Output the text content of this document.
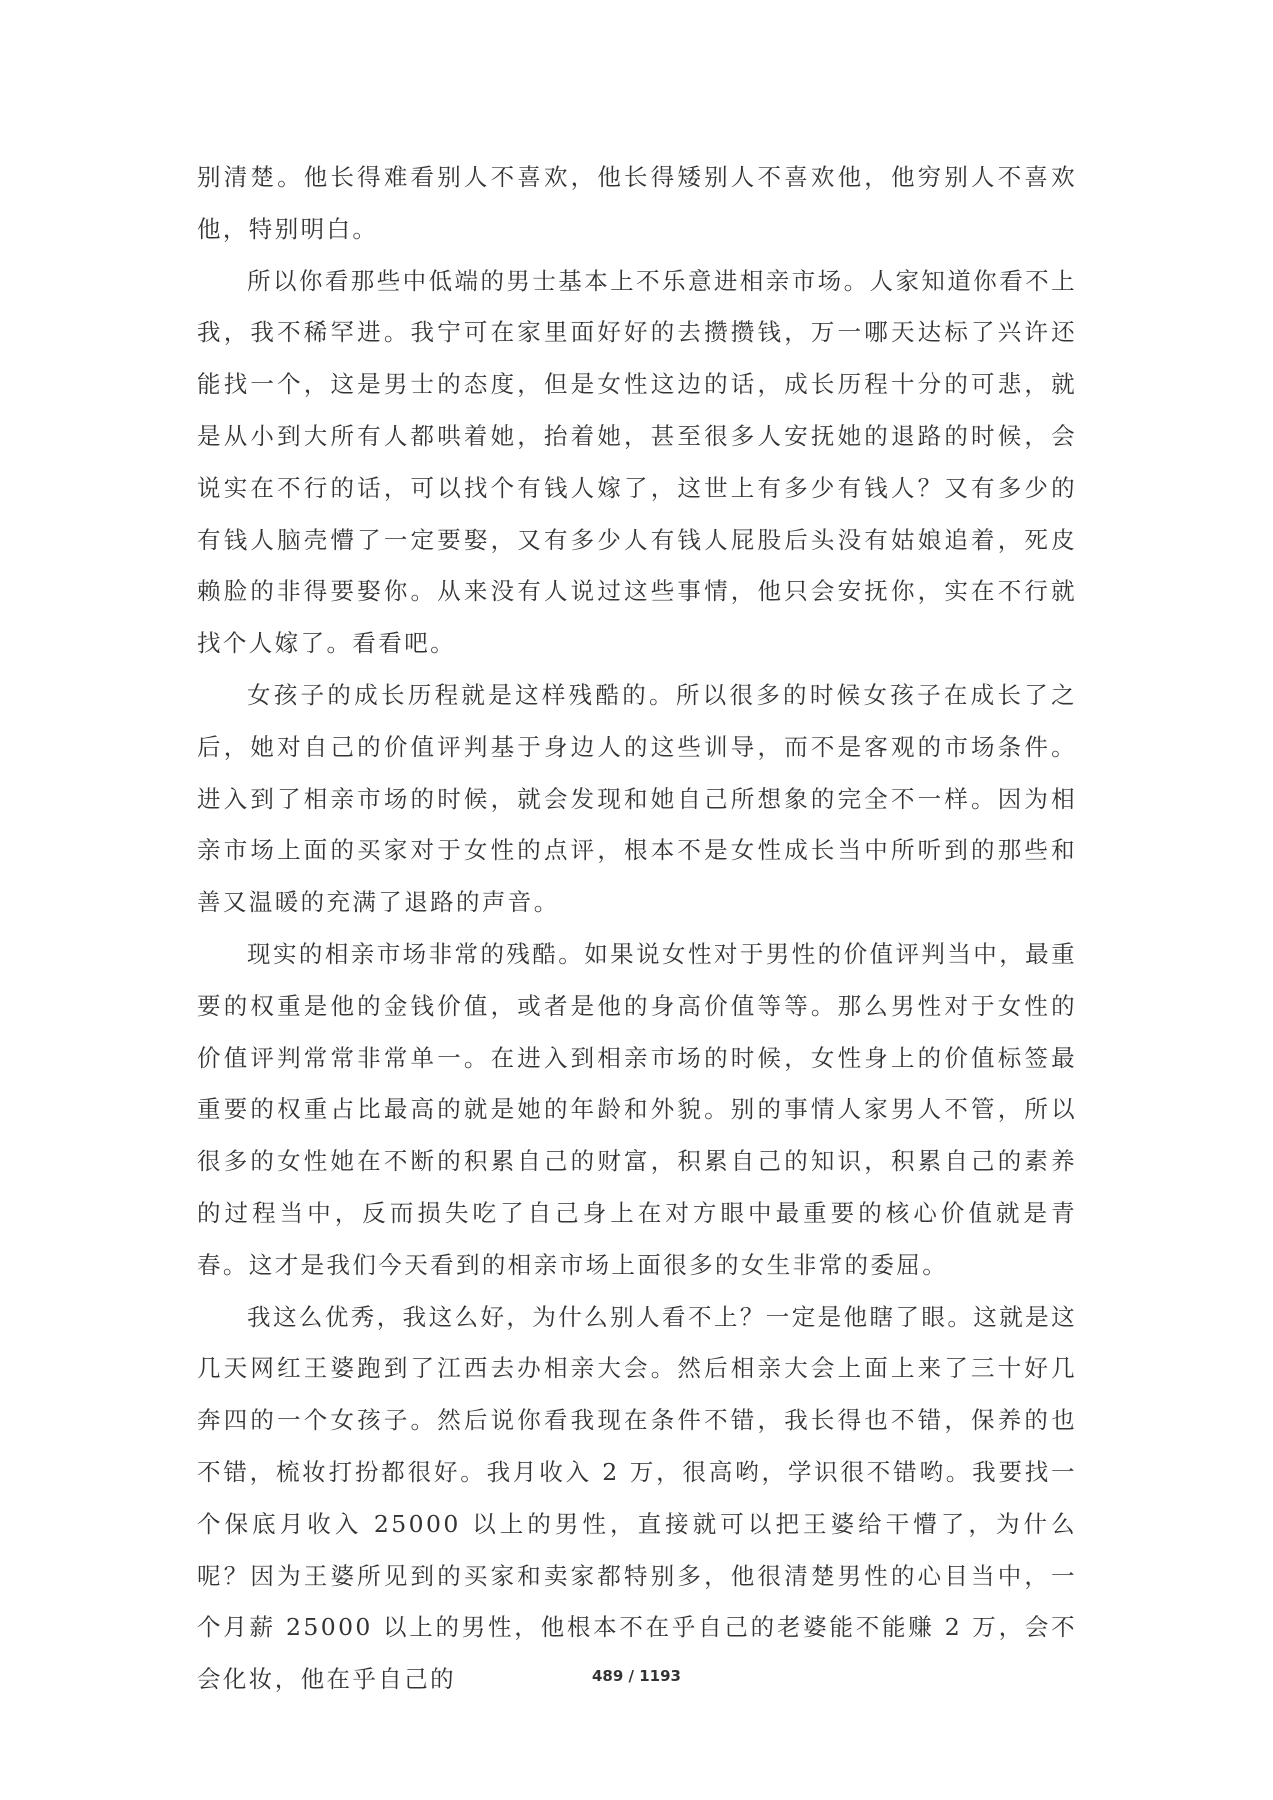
别清楚。他长得难看别人不喜欢，他长得矮别人不喜欢他，他穷别人不喜欢他，特别明白。

所以你看那些中低端的男士基本上不乐意进相亲市场。人家知道你看不上我，我不稀罕进。我宁可在家里面好好的去攒攒钱，万一哪天达标了兴许还能找一个，这是男士的态度，但是女性这边的话，成长历程十分的可悲，就是从小到大所有人都哄着她，抬着她，甚至很多人安抚她的退路的时候，会说实在不行的话，可以找个有钱人嫁了，这世上有多少有钱人？又有多少的有钱人脑壳懵了一定要娶，又有多少人有钱人屁股后头没有姑娘追着，死皮赖脸的非得要娶你。从来没有人说过这些事情，他只会安抚你，实在不行就找个人嫁了。看看吧。

女孩子的成长历程就是这样残酷的。所以很多的时候女孩子在成长了之后，她对自己的价值评判基于身边人的这些训导，而不是客观的市场条件。进入到了相亲市场的时候，就会发现和她自己所想象的完全不一样。因为相亲市场上面的买家对于女性的点评，根本不是女性成长当中所听到的那些和善又温暖的充满了退路的声音。

现实的相亲市场非常的残酷。如果说女性对于男性的价值评判当中，最重要的权重是他的金钱价值，或者是他的身高价值等等。那么男性对于女性的价值评判常常非常单一。在进入到相亲市场的时候，女性身上的价值标签最重要的权重占比最高的就是她的年龄和外貌。别的事情人家男人不管，所以很多的女性她在不断的积累自己的财富，积累自己的知识，积累自己的素养的过程当中，反而损失吃了自己身上在对方眼中最重要的核心价值就是青春。这才是我们今天看到的相亲市场上面很多的女生非常的委屈。

我这么优秀，我这么好，为什么别人看不上？一定是他瞎了眼。这就是这几天网红王婆跑到了江西去办相亲大会。然后相亲大会上面上来了三十好几奔四的一个女孩子。然后说你看我现在条件不错，我长得也不错，保养的也不错，梳妆打扮都很好。我月收入 2 万，很高哟，学识很不错哟。我要找一个保底月收入 25000 以上的男性，直接就可以把王婆给干懵了，为什么呢？因为王婆所见到的买家和卖家都特别多，他很清楚男性的心目当中，一个月薪 25000 以上的男性，他根本不在乎自己的老婆能不能赚 2 万，会不会化妆，他在乎自己的	489 / 1193
